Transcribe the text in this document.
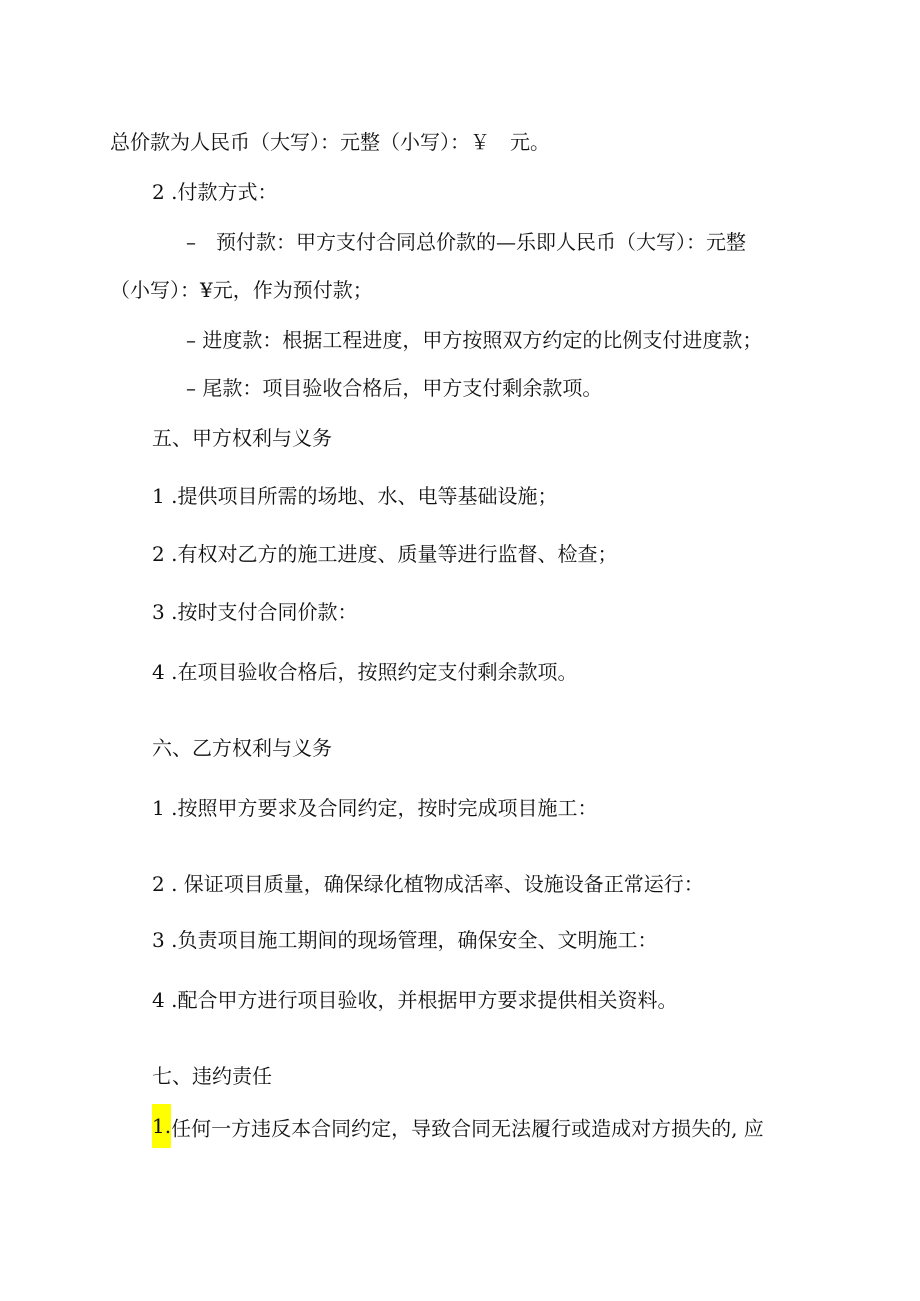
总价款为人民币（大写）：元整（小写）：￥　元。
2 .付款方式：
–　预付款：甲方支付合同总价款的—乐即人民币（大写）：元整
（小写）：¥元，作为预付款；
– 进度款：根据工程进度，甲方按照双方约定的比例支付进度款；
– 尾款：项目验收合格后，甲方支付剩余款项。
五、甲方权利与义务
1 .提供项目所需的场地、水、电等基础设施；
2 .有权对乙方的施工进度、质量等进行监督、检查；
3 .按时支付合同价款：
4 .在项目验收合格后，按照约定支付剩余款项。
六、乙方权利与义务
1 .按照甲方要求及合同约定，按时完成项目施工：
2 . 保证项目质量，确保绿化植物成活率、设施设备正常运行：
3 .负责项目施工期间的现场管理，确保安全、文明施工：
4 .配合甲方进行项目验收，并根据甲方要求提供相关资料。
七、违约责任
1.任何一方违反本合同约定，导致合同无法履行或造成对方损失的, 应
